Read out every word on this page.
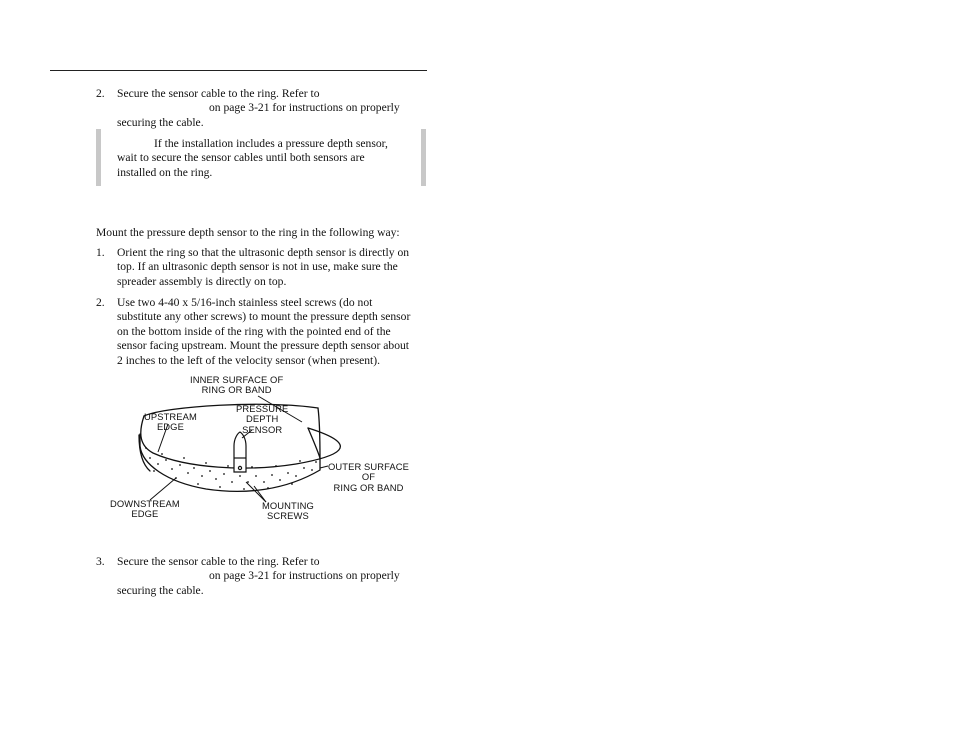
2.	Secure the sensor cable to the ring. Refer to
on page 3-21 for instructions on properly
securing the cable.
If the installation includes a pressure depth sensor,
wait to secure the sensor cables until both sensors are
installed on the ring.
Mount the pressure depth sensor to the ring in the following way:
1.	Orient the ring so that the ultrasonic depth sensor is directly on
top. If an ultrasonic depth sensor is not in use, make sure the
spreader assembly is directly on top.
2.	Use two 4-40 x 5/16-inch stainless steel screws (do not
substitute any other screws) to mount the pressure depth sensor
on the bottom inside of the ring with the pointed end of the
sensor facing upstream. Mount the pressure depth sensor about
2 inches to the left of the velocity sensor (when present).
INNER SURFACE OF
RING OR BAND
UPSTREAM
EDGE
PRESSURE
DEPTH
SENSOR
OUTER SURFACE
OF
RING OR BAND
DOWNSTREAM
EDGE
MOUNTING
SCREWS
3.	Secure the sensor cable to the ring. Refer to
on page 3-21 for instructions on properly
securing the cable.
